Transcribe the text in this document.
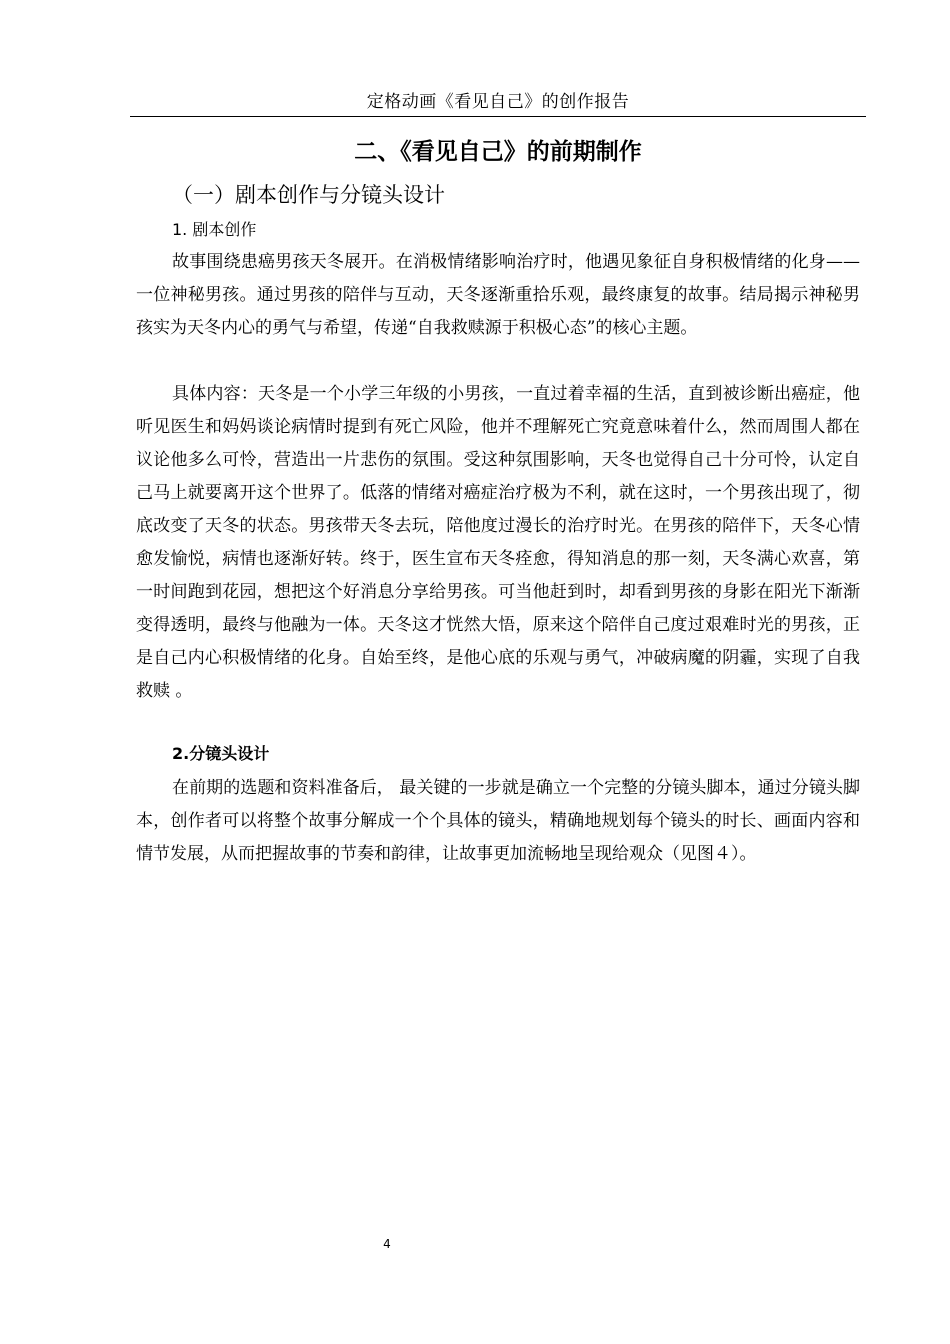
定格动画《看见自己》的创作报告
二、《看见自己》的前期制作
（一）剧本创作与分镜头设计
1. 剧本创作

故事围绕患癌男孩天冬展开。在消极情绪影响治疗时，他遇见象征自身积极情绪的化身——一位神秘男孩。通过男孩的陪伴与互动，天冬逐渐重拾乐观，最终康复的故事。结局揭示神秘男孩实为天冬内心的勇气与希望，传递“自我救赎源于积极心态”的核心主题。

具体内容：天冬是一个小学三年级的小男孩，一直过着幸福的生活，直到被诊断出癌症，他听见医生和妈妈谈论病情时提到有死亡风险，他并不理解死亡究竟意味着什么，然而周围人都在议论他多么可怜，营造出一片悲伤的氛围。受这种氛围影响，天冬也觉得自己十分可怜，认定自己马上就要离开这个世界了。低落的情绪对癌症治疗极为不利，就在这时，一个男孩出现了，彻底改变了天冬的状态。男孩带天冬去玩，陪他度过漫长的治疗时光。在男孩的陪伴下，天冬心情愈发愉悦，病情也逐渐好转。终于，医生宣布天冬痊愈，得知消息的那一刻，天冬满心欢喜，第一时间跑到花园，想把这个好消息分享给男孩。可当他赶到时，却看到男孩的身影在阳光下渐渐变得透明，最终与他融为一体。天冬这才恍然大悟，原来这个陪伴自己度过艰难时光的男孩，正是自己内心积极情绪的化身。自始至终，是他心底的乐观与勇气，冲破病魔的阴霾，实现了自我救赎 。

2.分镜头设计

在前期的选题和资料准备后， 最关键的一步就是确立一个完整的分镜头脚本，通过分镜头脚本，创作者可以将整个故事分解成一个个具体的镜头，精确地规划每个镜头的时长、画面内容和情节发展，从而把握故事的节奏和韵律，让故事更加流畅地呈现给观众（见图４）。

4
